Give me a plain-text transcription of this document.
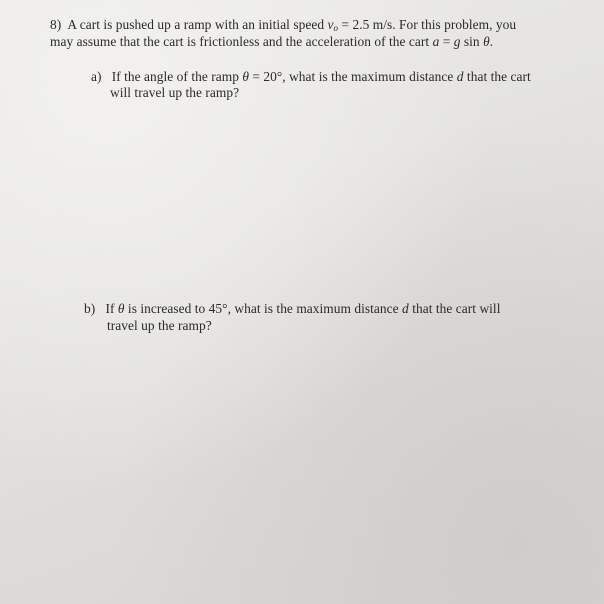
8) A cart is pushed up a ramp with an initial speed $v_o = 2.5$ m/s. For this problem, you
may assume that the cart is frictionless and the acceleration of the cart a = g sin θ.
a) If the angle of the ramp θ = 20°, what is the maximum distance d that the cart
will travel up the ramp?
b) If θ is increased to 45°, what is the maximum distance d that the cart will
travel up the ramp?
